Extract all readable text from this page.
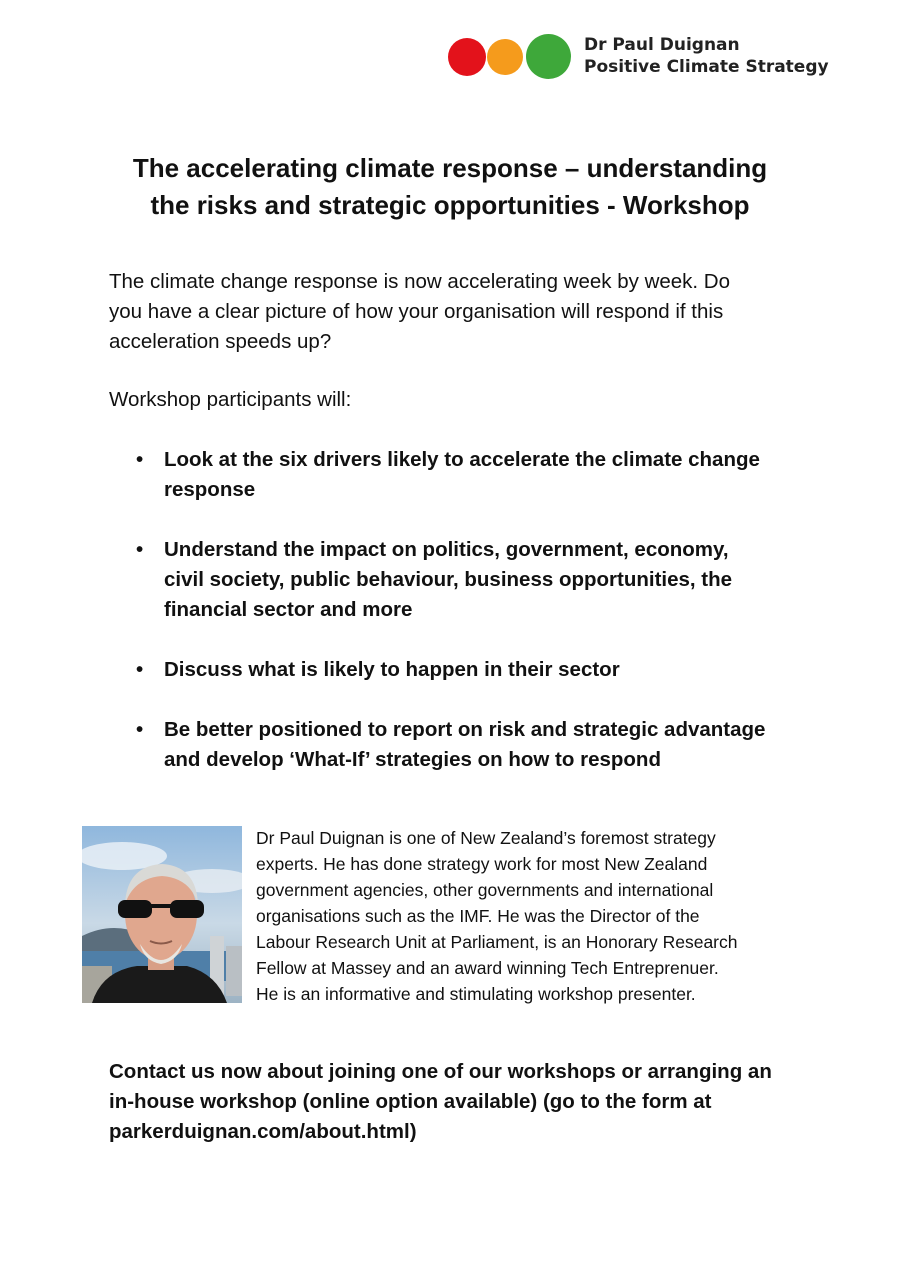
Dr Paul Duignan
Positive Climate Strategy
The accelerating climate response – understanding
the risks and strategic opportunities - Workshop
The climate change response is now accelerating week by week. Do
you have a clear picture of how your organisation will respond if this
acceleration speeds up?
Workshop participants will:
•	Look at the six drivers likely to accelerate the climate change
response
•	Understand the impact on politics, government, economy,
civil society, public behaviour, business opportunities, the
financial sector and more
•	Discuss what is likely to happen in their sector
•	Be better positioned to report on risk and strategic advantage
and develop ‘What-If’ strategies on how to respond
Dr Paul Duignan is one of New Zealand’s foremost strategy
experts. He has done strategy work for most New Zealand
government agencies, other governments and international
organisations such as the IMF. He was the Director of the
Labour Research Unit at Parliament, is an Honorary Research
Fellow at Massey and an award winning Tech Entreprenuer.
He is an informative and stimulating workshop presenter.
Contact us now about joining one of our workshops or arranging an
in-house workshop (online option available) (go to the form at
parkerduignan.com/about.html)
